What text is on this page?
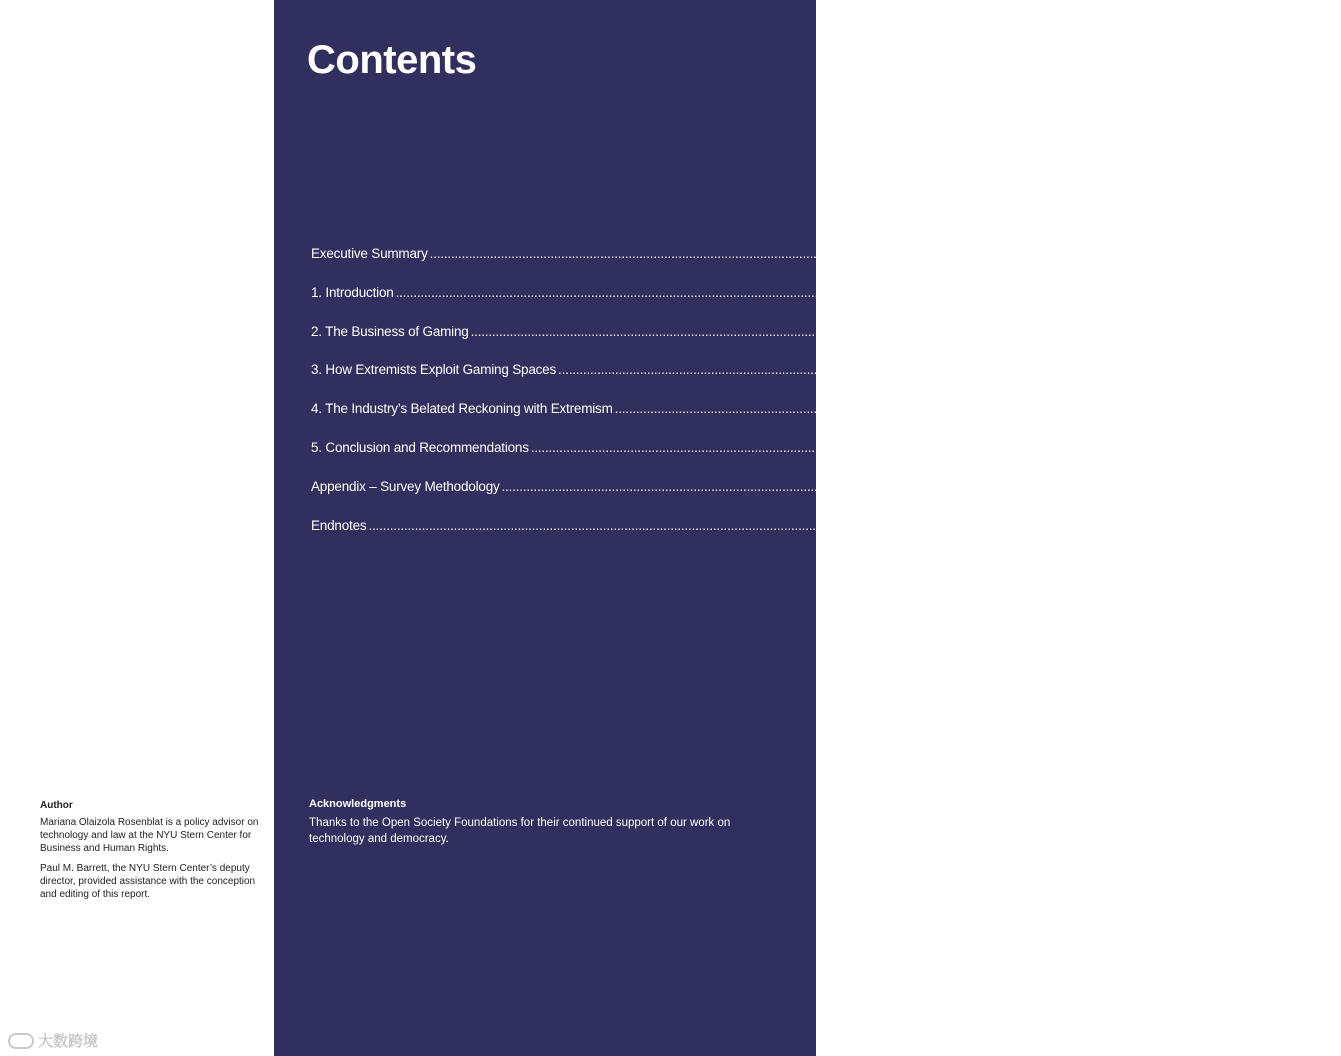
Author

Mariana Olaizola Rosenblat is a policy advisor on technology and law at the NYU Stern Center for Business and Human Rights.

Paul M. Barrett, the NYU Stern Center’s deputy director, provided assistance with the conception and editing of this report.

大数跨境
Contents
Executive Summary ........................................................................................................................................................................................................ 1
1. Introduction ........................................................................................................................................................................................................ 2
2. The Business of Gaming ........................................................................................................................................................................................................ 6
3. How Extremists Exploit Gaming Spaces ........................................................................................................................................................................................................ 9
4. The Industry’s Belated Reckoning with Extremism ........................................................................................................................................................................................................ 19
5. Conclusion and Recommendations ........................................................................................................................................................................................................ 23
Appendix – Survey Methodology ........................................................................................................................................................................................................ 26
Endnotes ........................................................................................................................................................................................................ 27

Acknowledgments

Thanks to the Open Society Foundations for their continued support of our work on technology and democracy.
